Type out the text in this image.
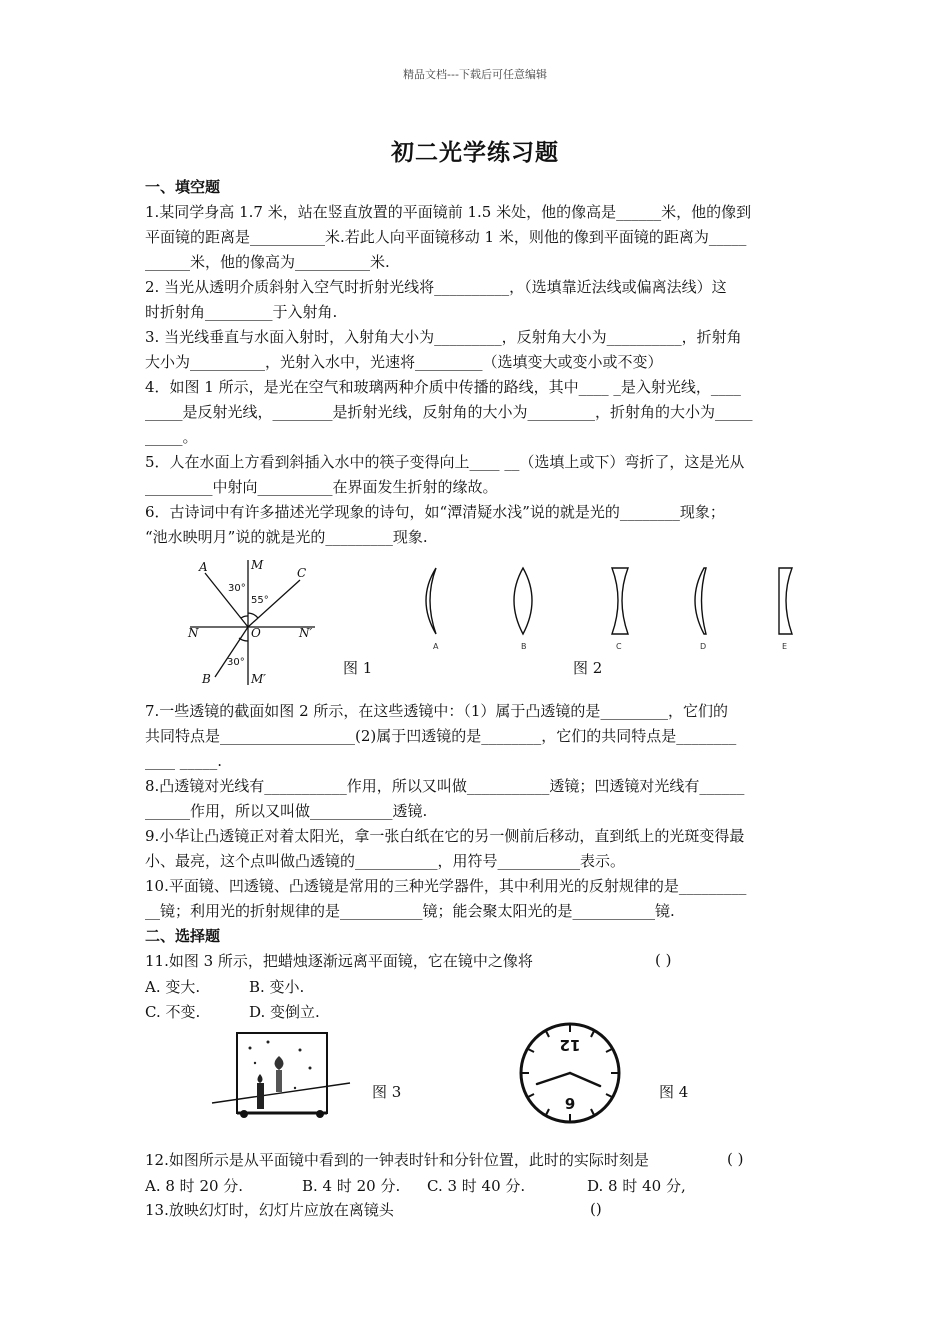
精品文档---下载后可任意编辑
初二光学练习题
一、填空题
1.某同学身高 1.7 米，站在竖直放置的平面镜前 1.5 米处，他的像高是______米，他的像到
平面镜的距离是__________米.若此人向平面镜移动 1 米，则他的像到平面镜的距离为_____
______米，他的像高为__________米.
2. 当光从透明介质斜射入空气时折射光线将__________，（选填靠近法线或偏离法线）这
时折射角_________于入射角.
3. 当光线垂直与水面入射时，入射角大小为_________，反射角大小为__________，折射角
大小为__________，光射入水中，光速将_________（选填变大或变小或不变）
4．如图 1 所示，是光在空气和玻璃两种介质中传播的路线，其中____ _是入射光线，____
_____是反射光线，________是折射光线，反射角的大小为_________，折射角的大小为_____
_____。
5．人在水面上方看到斜插入水中的筷子变得向上____ __（选填上或下）弯折了，这是光从
_________中射向__________在界面发生折射的缘故。
6．古诗词中有许多描述光学现象的诗句，如“潭清疑水浅”说的就是光的________现象；
“池水映明月”说的就是光的_________现象.
A	M
C
N	O	N′
B	M′
30°
55°
30°	图 1
A	B	C	D	E
图 2
7.一些透镜的截面如图 2 所示，在这些透镜中：（1）属于凸透镜的是_________，它们的
共同特点是__________________(2)属于凹透镜的是________，它们的共同特点是________
____ _____.
8.凸透镜对光线有___________作用，所以又叫做___________透镜；凹透镜对光线有______
______作用，所以又叫做___________透镜.
9.小华让凸透镜正对着太阳光，拿一张白纸在它的另一侧前后移动，直到纸上的光斑变得最
小、最亮，这个点叫做凸透镜的___________，用符号___________表示。
10.平面镜、凹透镜、凸透镜是常用的三种光学器件，其中利用光的反射规律的是_________
__镜；利用光的折射规律的是___________镜；能会聚太阳光的是___________镜.
二、选择题
11.如图 3 所示，把蜡烛逐渐远离平面镜，它在镜中之像将	( )
A. 变大.	B. 变小.
C. 不变.	D. 变倒立.
图 3
12
6
图 4
12.如图所示是从平面镜中看到的一钟表时针和分针位置，此时的实际时刻是	( )
A. 8 时 20 分.	B. 4 时 20 分. C. 3 时 40 分.	D. 8 时 40 分,
13.放映幻灯时，幻灯片应放在离镜头	()
